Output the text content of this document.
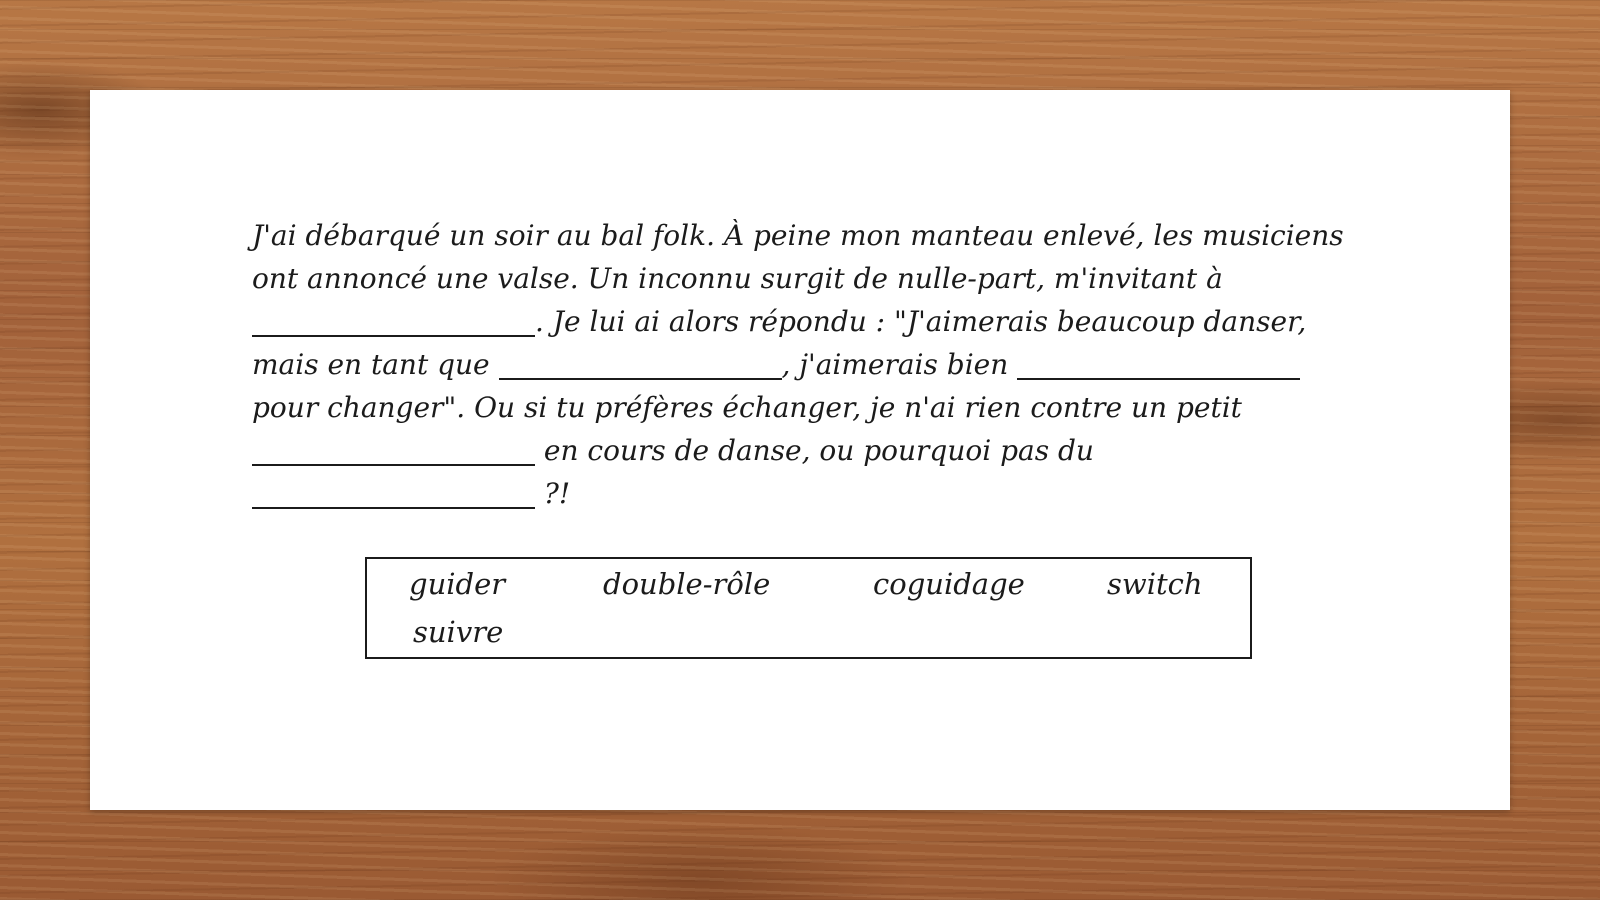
J'ai débarqué un soir au bal folk. À peine mon manteau enlevé, les musiciens
ont annoncé une valse. Un inconnu surgit de nulle-part, m'invitant à
. Je lui ai alors répondu : "J'aimerais beaucoup danser,
mais en tant que	, j'aimerais bien
pour changer". Ou si tu préfères échanger, je n'ai rien contre un petit
en cours de danse, ou pourquoi pas du
?!
guider	double-rôle	coguidage	switch
suivre
